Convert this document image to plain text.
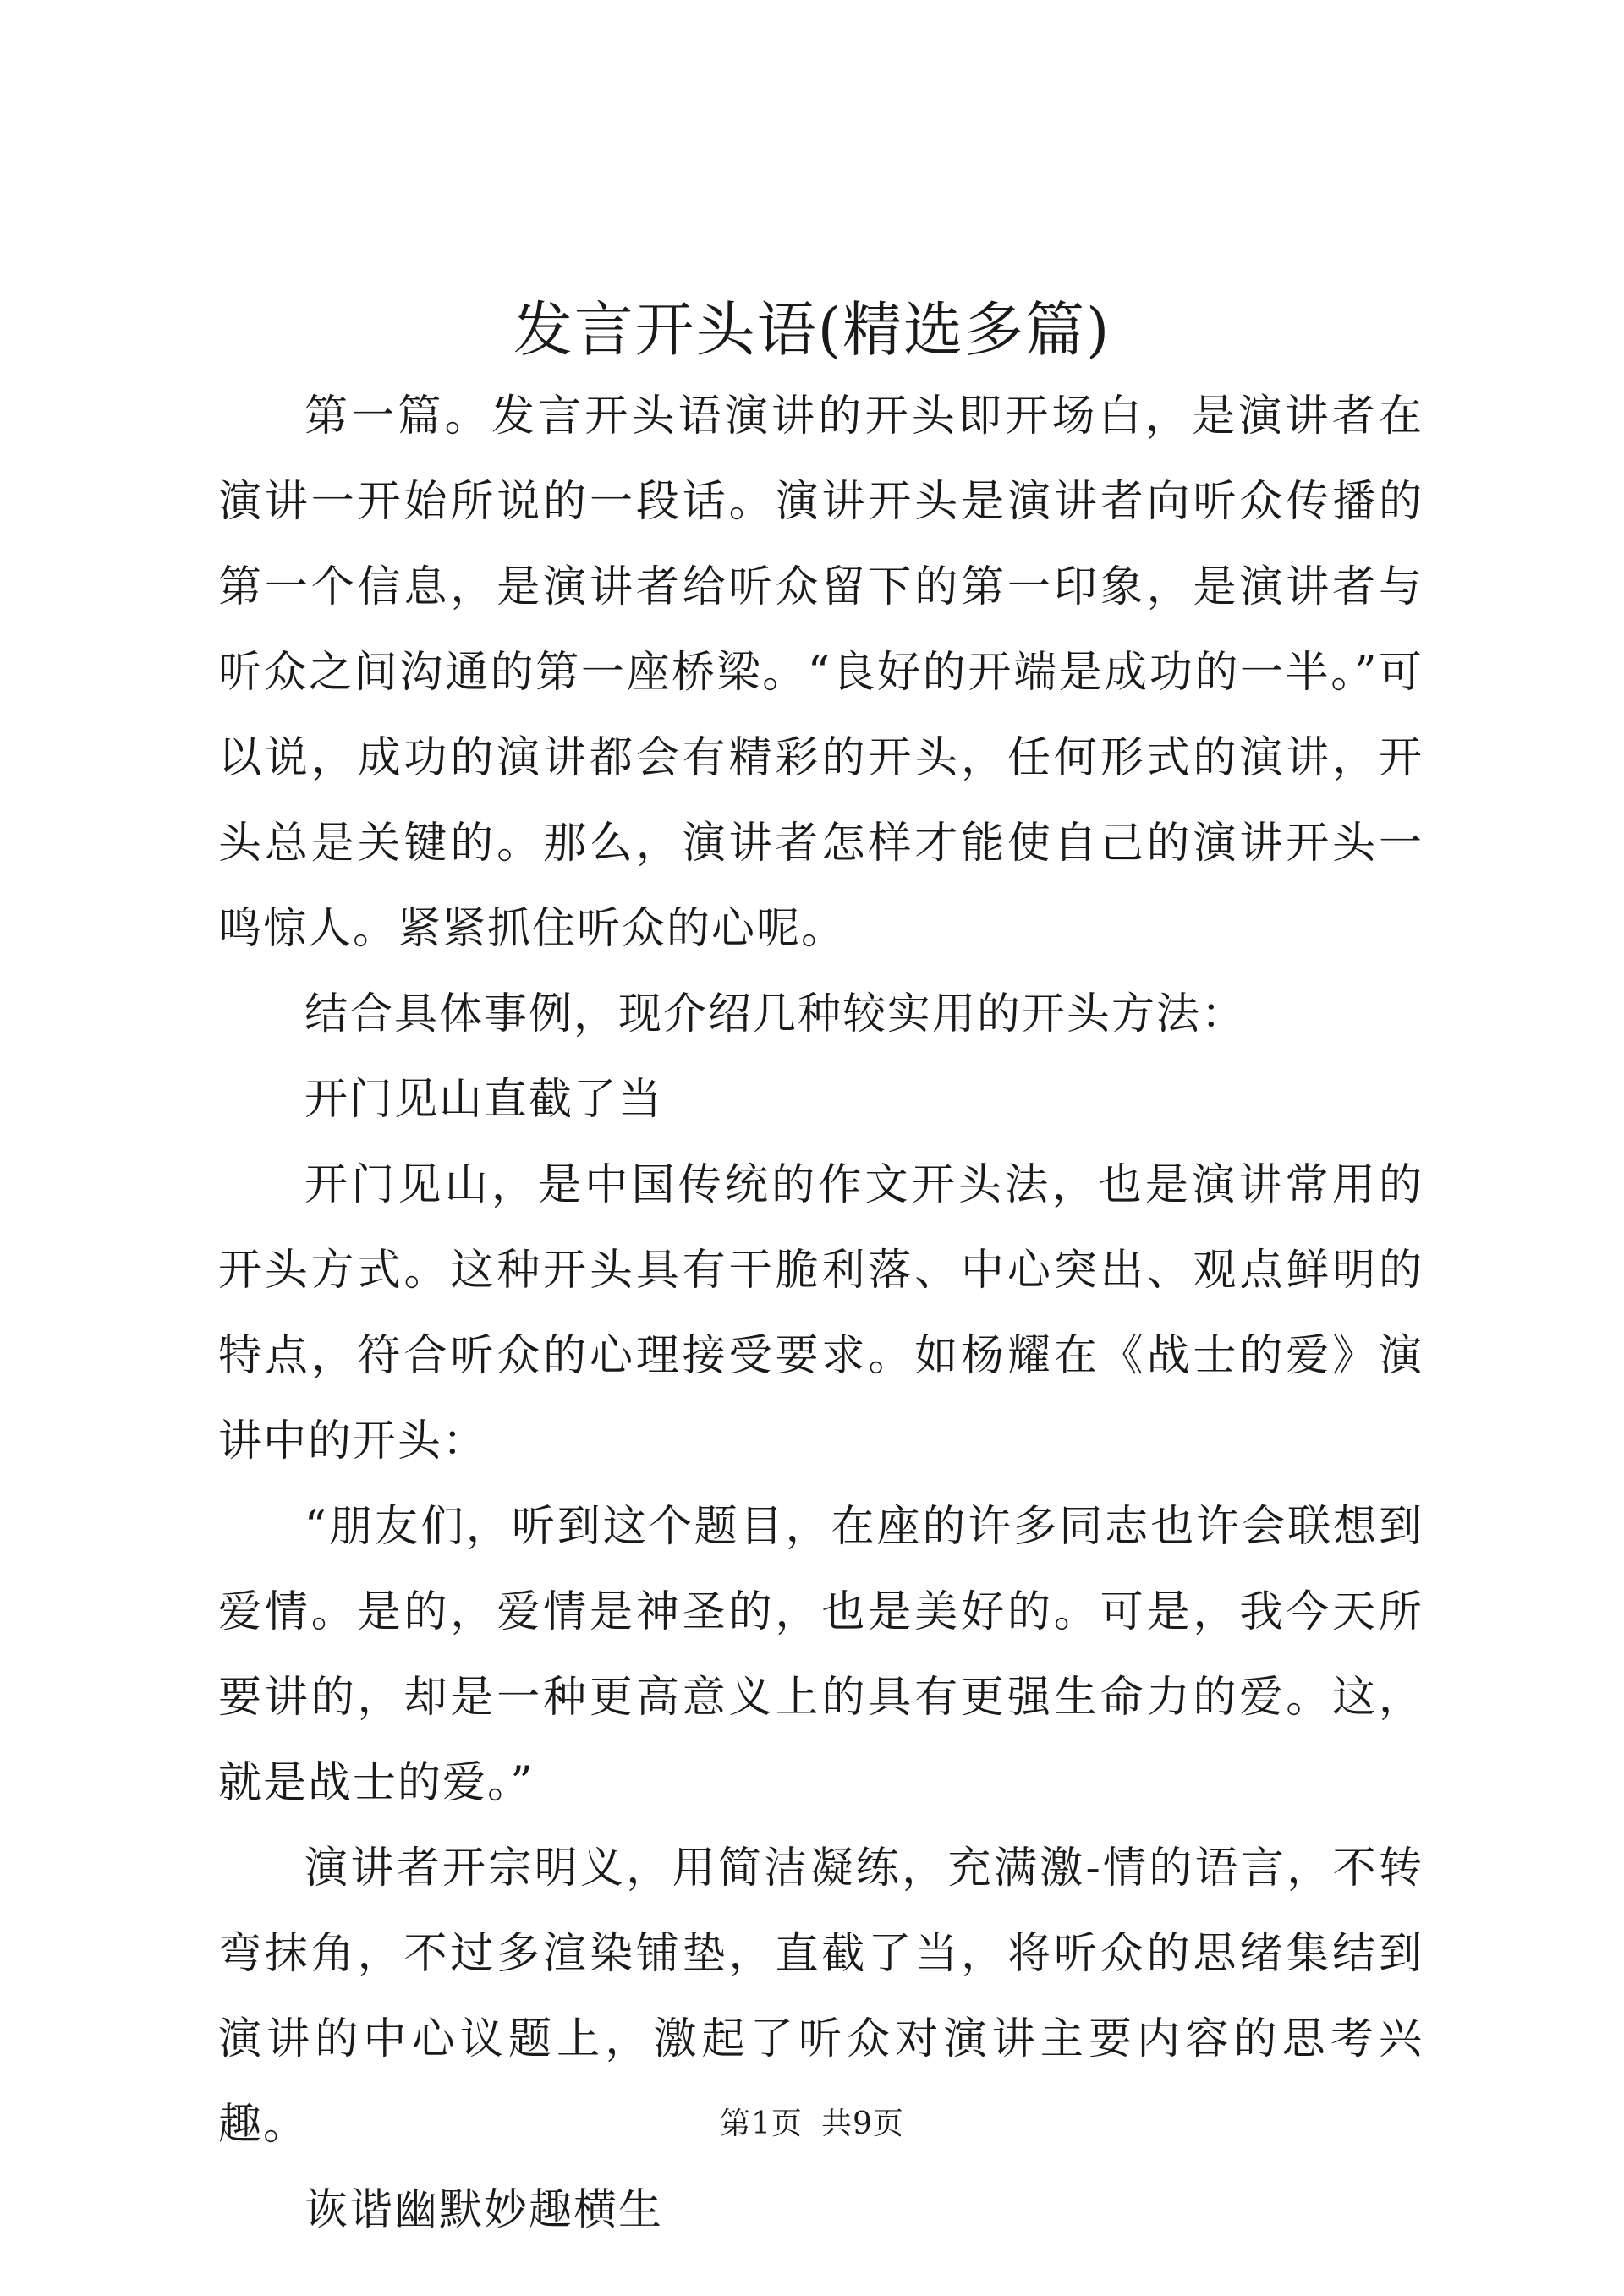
发言开头语(精选多篇)

第一篇。发言开头语演讲的开头即开场白，是演讲者在演讲一开始所说的一段话。演讲开头是演讲者向听众传播的第一个信息，是演讲者给听众留下的第一印象，是演讲者与听众之间沟通的第一座桥梁。“良好的开端是成功的一半。”可以说，成功的演讲都会有精彩的开头，任何形式的演讲，开头总是关键的。那么，演讲者怎样才能使自己的演讲开头一鸣惊人。紧紧抓住听众的心呢。

结合具体事例，现介绍几种较实用的开头方法：

开门见山直截了当

开门见山，是中国传统的作文开头法，也是演讲常用的开头方式。这种开头具有干脆利落、中心突出、观点鲜明的特点，符合听众的心理接受要求。如杨耀在《战士的爱》演讲中的开头：

“朋友们，听到这个题目，在座的许多同志也许会联想到爱情。是的，爱情是神圣的，也是美好的。可是，我今天所要讲的，却是一种更高意义上的具有更强生命力的爱。这，就是战士的爱。”

演讲者开宗明义，用简洁凝练，充满激-情的语言，不转弯抹角，不过多渲染铺垫，直截了当，将听众的思绪集结到演讲的中心议题上，激起了听众对演讲主要内容的思考兴趣。

诙谐幽默妙趣横生

第1页 共9页
